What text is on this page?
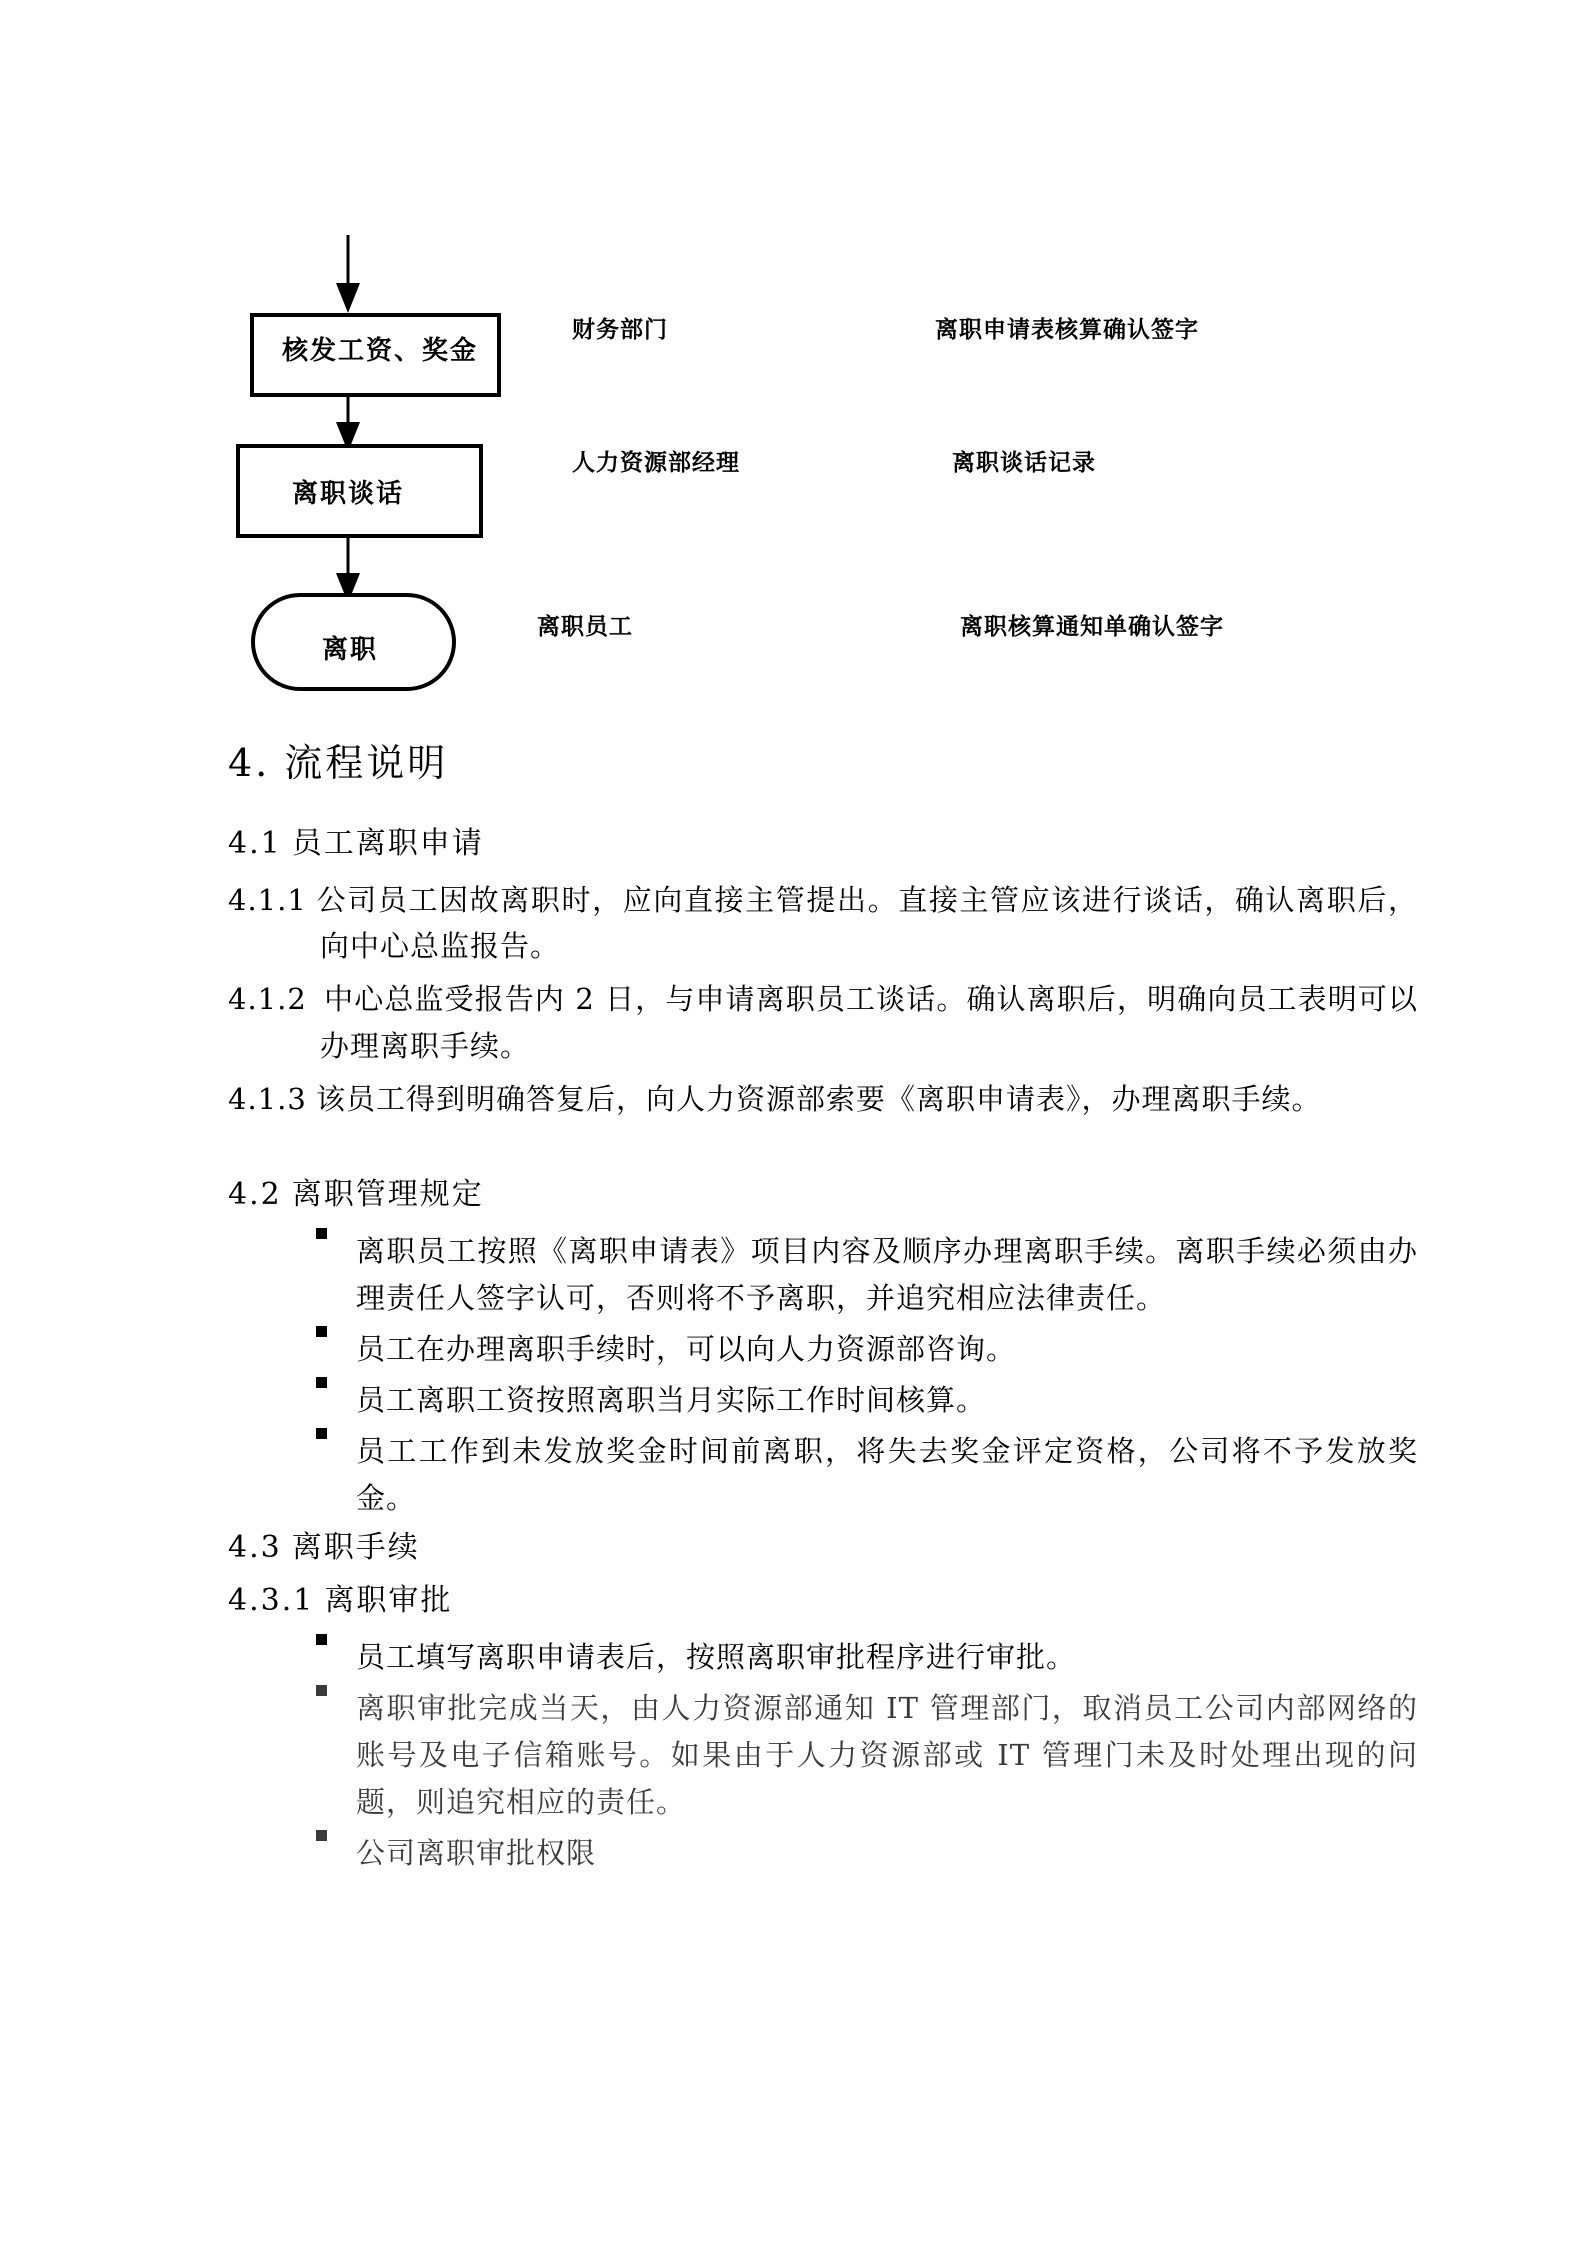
核发工资、奖金
离职谈话
离职
财务部门
人力资源部经理
离职员工
离职申请表核算确认签字
离职谈话记录
离职核算通知单确认签字
4. 流程说明
4.1 员工离职申请

4.1.1 公司员工因故离职时，应向直接主管提出。直接主管应该进行谈话，确认离职后，向中心总监报告。

4.1.2 中心总监受报告内 2 日，与申请离职员工谈话。确认离职后，明确向员工表明可以办理离职手续。

4.1.3 该员工得到明确答复后，向人力资源部索要《离职申请表》，办理离职手续。

4.2 离职管理规定
离职员工按照《离职申请表》项目内容及顺序办理离职手续。离职手续必须由办理责任人签字认可，否则将不予离职，并追究相应法律责任。
员工在办理离职手续时，可以向人力资源部咨询。
员工离职工资按照离职当月实际工作时间核算。
员工工作到未发放奖金时间前离职，将失去奖金评定资格，公司将不予发放奖金。
4.3 离职手续
4.3.1 离职审批
员工填写离职申请表后，按照离职审批程序进行审批。
离职审批完成当天，由人力资源部通知 IT 管理部门，取消员工公司内部网络的账号及电子信箱账号。如果由于人力资源部或 IT 管理门未及时处理出现的问题，则追究相应的责任。
公司离职审批权限
